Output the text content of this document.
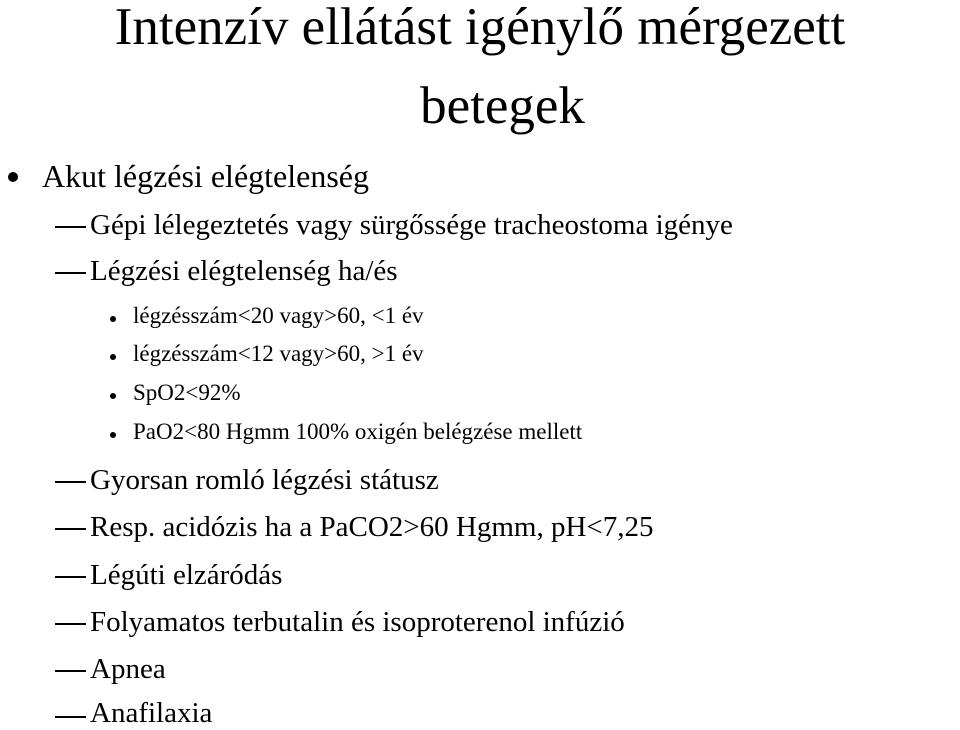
Intenzív ellátást igénylő mérgezett
betegek
Akut légzési elégtelenség
Gépi lélegeztetés vagy sürgőssége tracheostoma igénye
Légzési elégtelenség ha/és
légzésszám<20 vagy>60, <1 év
légzésszám<12 vagy>60, >1 év
SpO2<92%
PaO2<80 Hgmm 100% oxigén belégzése mellett
Gyorsan romló légzési státusz
Resp. acidózis ha a PaCO2>60 Hgmm, pH<7,25
Légúti elzáródás
Folyamatos terbutalin és isoproterenol infúzió
Apnea
Anafilaxia
